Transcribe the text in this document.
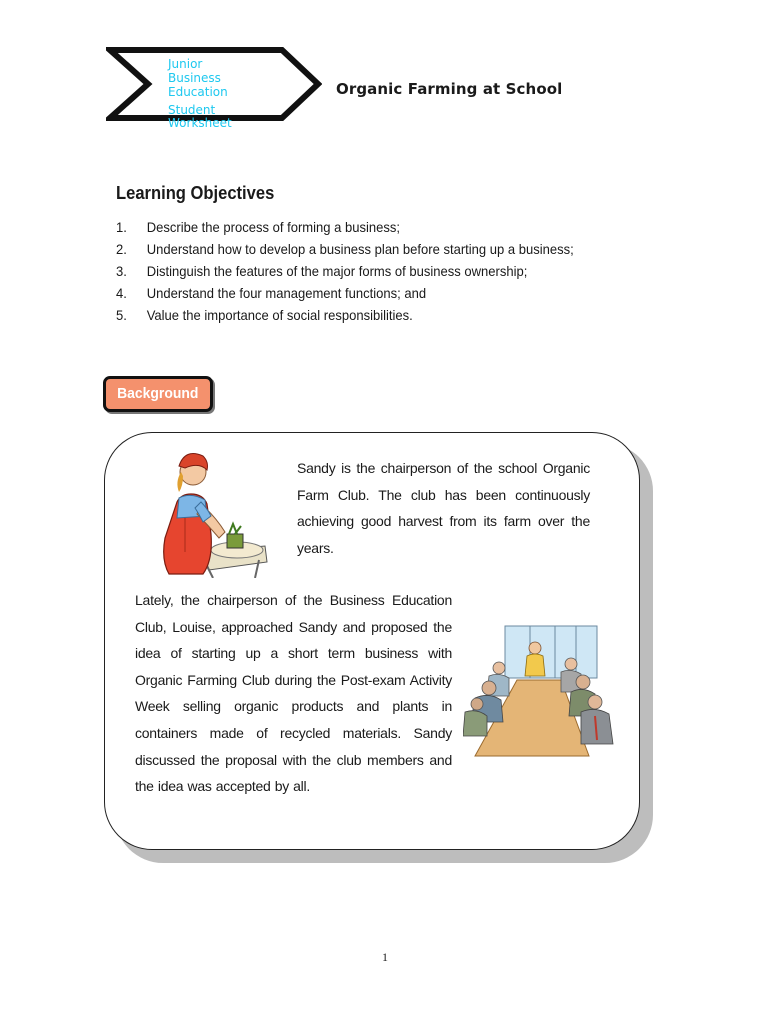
Junior
Business
Education
Student
Worksheet
Organic Farming at School
Learning Objectives
1.	Describe the process of forming a business;
2.	Understand how to develop a business plan before starting up a business;
3.	Distinguish the features of the major forms of business ownership;
4.	Understand the four management functions; and
5.	Value the importance of social responsibilities.
Background
Sandy is the chairperson of the school Organic Farm Club. The club has been continuously achieving good harvest from its farm over the years.
Lately, the chairperson of the Business Education Club, Louise, approached Sandy and proposed the idea of starting up a short term business with Organic Farming Club during the Post-exam Activity Week selling organic products and plants in containers made of recycled materials. Sandy discussed the proposal with the club members and the idea was accepted by all.
1
